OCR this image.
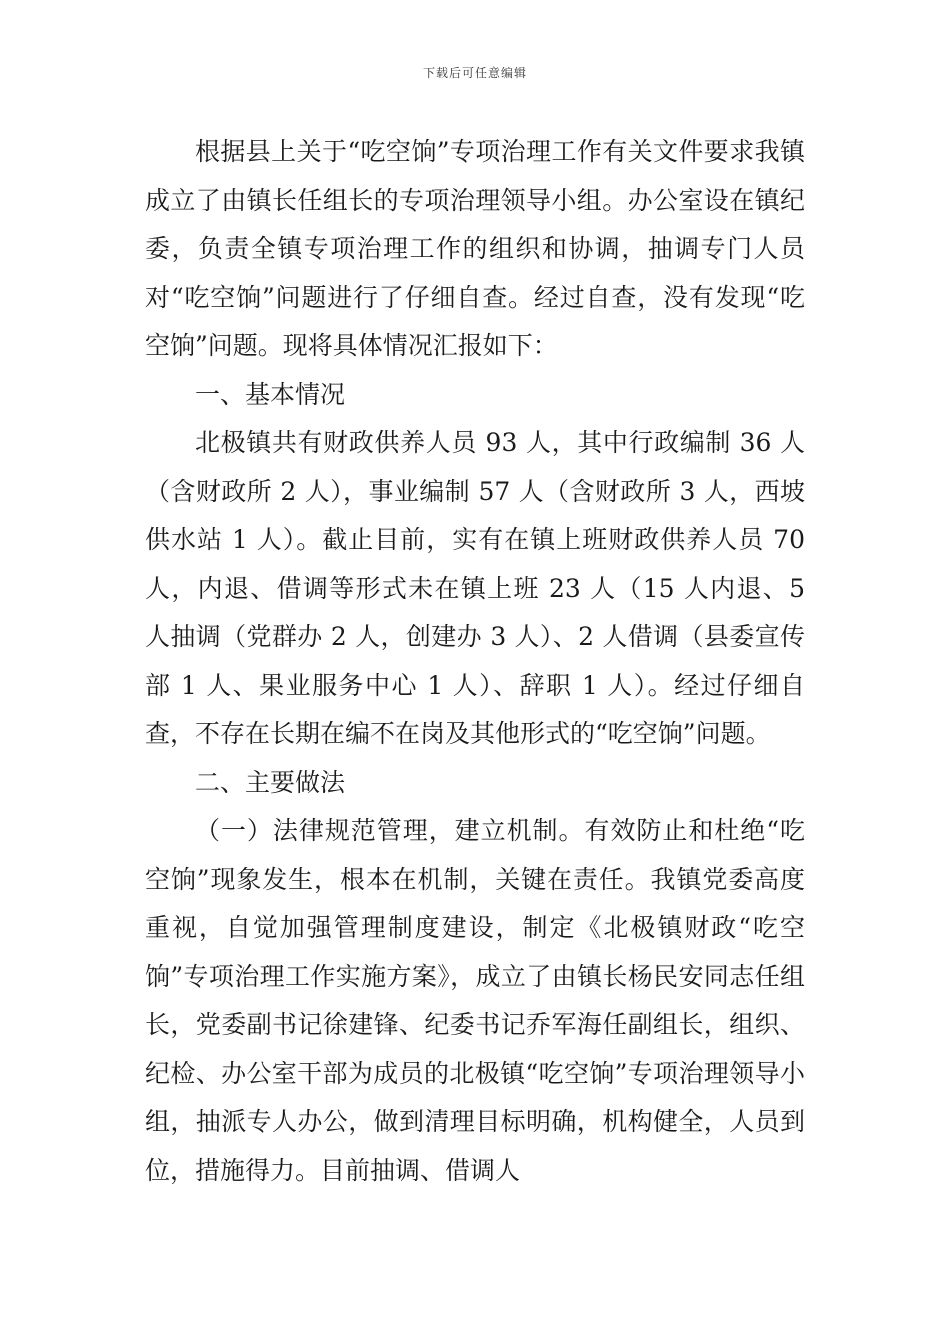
下载后可任意编辑

根据县上关于“吃空饷”专项治理工作有关文件要求我镇成立了由镇长任组长的专项治理领导小组。办公室设在镇纪委，负责全镇专项治理工作的组织和协调，抽调专门人员对“吃空饷”问题进行了仔细自查。经过自查，没有发现“吃空饷”问题。现将具体情况汇报如下：

一、基本情况

北极镇共有财政供养人员 93 人，其中行政编制 36 人（含财政所 2 人），事业编制 57 人（含财政所 3 人，西坡供水站 1 人）。截止目前，实有在镇上班财政供养人员 70 人，内退、借调等形式未在镇上班 23 人（15 人内退、5 人抽调（党群办 2 人，创建办 3 人）、2 人借调（县委宣传部 1 人、果业服务中心 1 人）、辞职 1 人）。经过仔细自查，不存在长期在编不在岗及其他形式的“吃空饷”问题。

二、主要做法

（一）法律规范管理，建立机制。有效防止和杜绝“吃空饷”现象发生，根本在机制，关键在责任。我镇党委高度重视，自觉加强管理制度建设，制定《北极镇财政“吃空饷”专项治理工作实施方案》，成立了由镇长杨民安同志任组长，党委副书记徐建锋、纪委书记乔军海任副组长，组织、纪检、办公室干部为成员的北极镇“吃空饷”专项治理领导小组，抽派专人办公，做到清理目标明确，机构健全，人员到位，措施得力。目前抽调、借调人
